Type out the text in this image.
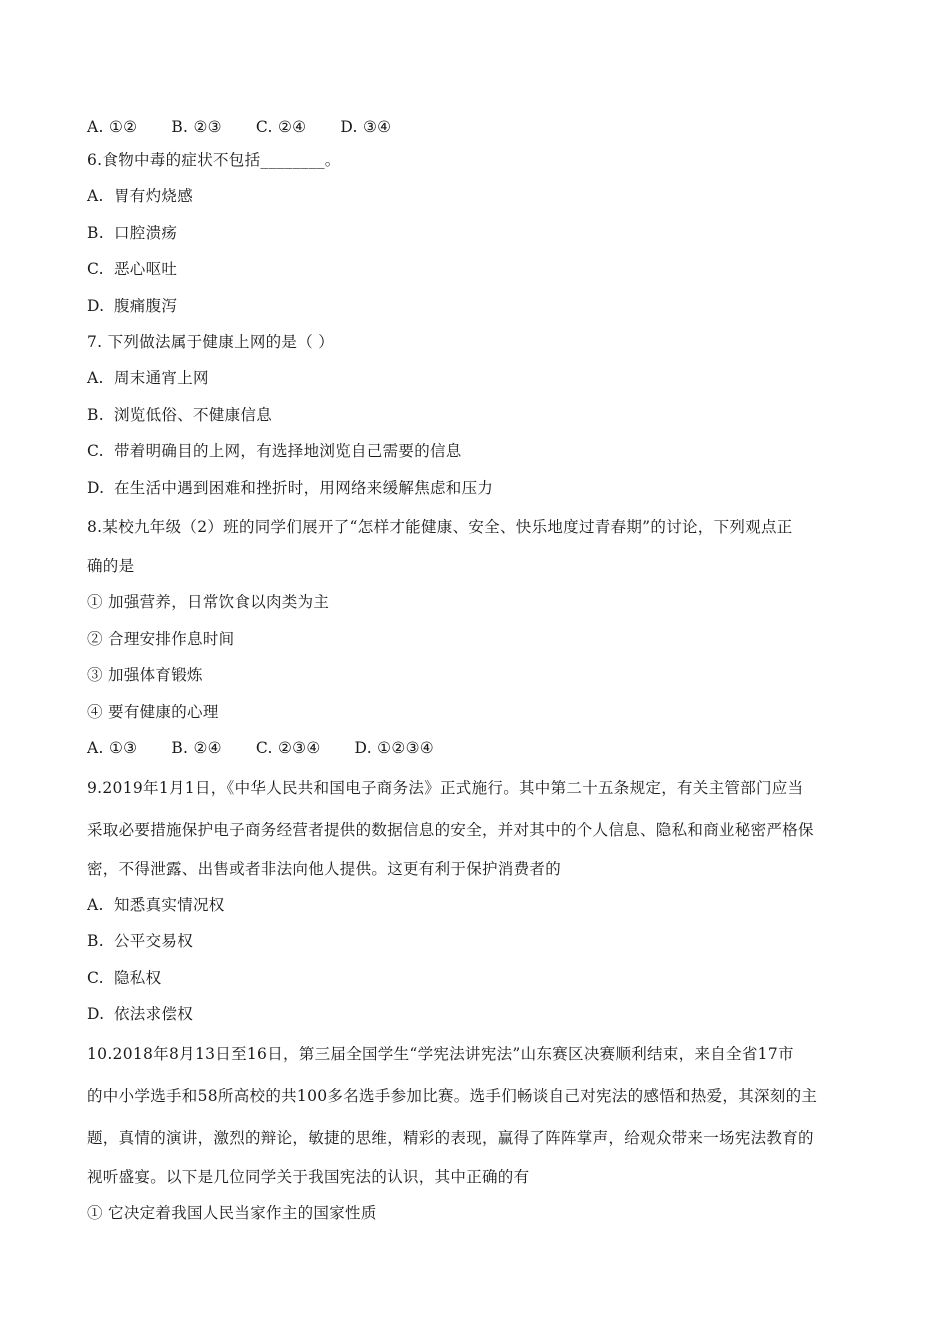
A. ①② B. ②③ C. ②④ D. ③④
6.食物中毒的症状不包括________。
A. 胃有灼烧感
B. 口腔溃疡
C. 恶心呕吐
D. 腹痛腹泻
7. 下列做法属于健康上网的是（ ）
A. 周末通宵上网
B. 浏览低俗、不健康信息
C. 带着明确目的上网，有选择地浏览自己需要的信息
D. 在生活中遇到困难和挫折时，用网络来缓解焦虑和压力
8.某校九年级（2）班的同学们展开了“怎样才能健康、安全、快乐地度过青春期”的讨论，下列观点正
确的是
① 加强营养，日常饮食以肉类为主
② 合理安排作息时间
③ 加强体育锻炼
④ 要有健康的心理
A. ①③ B. ②④ C. ②③④ D. ①②③④
9.2019年1月1日，《中华人民共和国电子商务法》正式施行。其中第二十五条规定，有关主管部门应当
采取必要措施保护电子商务经营者提供的数据信息的安全，并对其中的个人信息、隐私和商业秘密严格保
密，不得泄露、出售或者非法向他人提供。这更有利于保护消费者的
A. 知悉真实情况权
B. 公平交易权
C. 隐私权
D. 依法求偿权
10.2018年8月13日至16日，第三届全国学生“学宪法讲宪法”山东赛区决赛顺利结束，来自全省17市
的中小学选手和58所高校的共100多名选手参加比赛。选手们畅谈自己对宪法的感悟和热爱，其深刻的主
题，真情的演讲，激烈的辩论，敏捷的思维，精彩的表现，赢得了阵阵掌声，给观众带来一场宪法教育的
视听盛宴。以下是几位同学关于我国宪法的认识，其中正确的有
① 它决定着我国人民当家作主的国家性质
